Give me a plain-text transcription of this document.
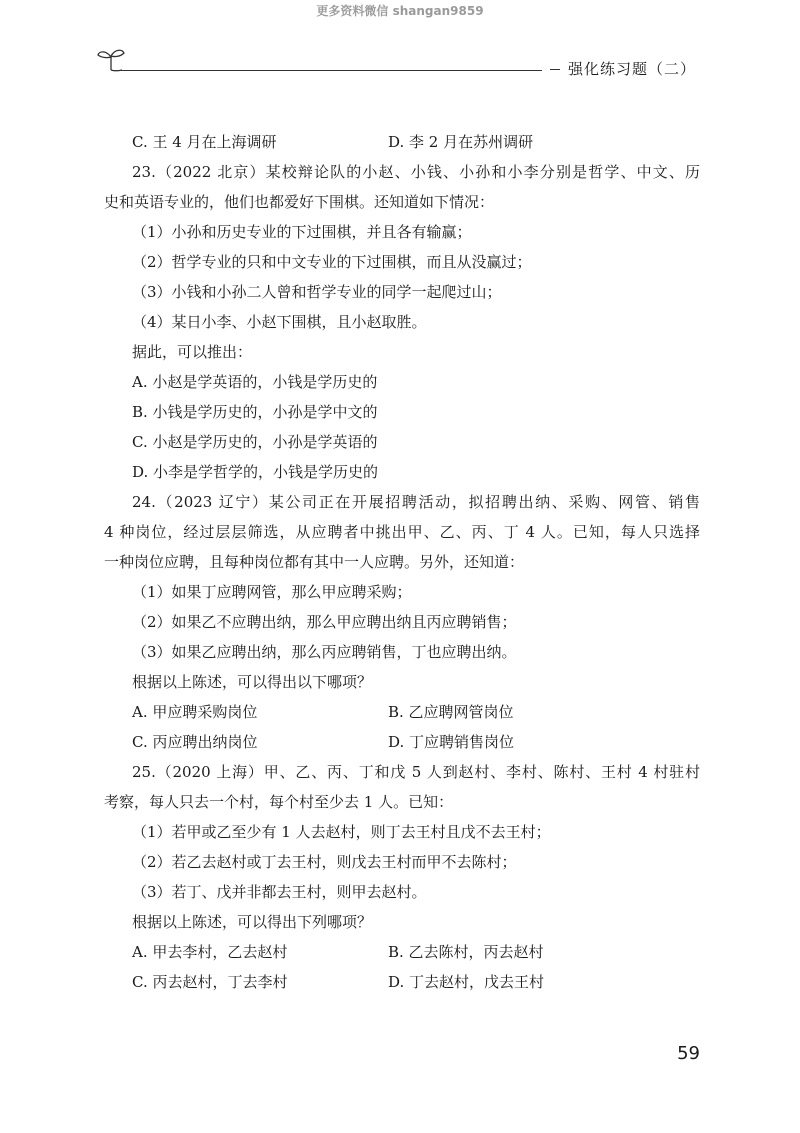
更多资料微信 shangan9859
强化练习题（二）
C. 王 4 月在上海调研	D. 李 2 月在苏州调研
23.（2022 北京）某校辩论队的小赵、小钱、小孙和小李分别是哲学、中文、历
史和英语专业的，他们也都爱好下围棋。还知道如下情况：
（1）小孙和历史专业的下过围棋，并且各有输赢；
（2）哲学专业的只和中文专业的下过围棋，而且从没赢过；
（3）小钱和小孙二人曾和哲学专业的同学一起爬过山；
（4）某日小李、小赵下围棋，且小赵取胜。
据此，可以推出：
A. 小赵是学英语的，小钱是学历史的
B. 小钱是学历史的，小孙是学中文的
C. 小赵是学历史的，小孙是学英语的
D. 小李是学哲学的，小钱是学历史的
24.（2023 辽宁）某公司正在开展招聘活动，拟招聘出纳、采购、网管、销售
4 种岗位，经过层层筛选，从应聘者中挑出甲、乙、丙、丁 4 人。已知，每人只选择
一种岗位应聘，且每种岗位都有其中一人应聘。另外，还知道：
（1）如果丁应聘网管，那么甲应聘采购；
（2）如果乙不应聘出纳，那么甲应聘出纳且丙应聘销售；
（3）如果乙应聘出纳，那么丙应聘销售，丁也应聘出纳。
根据以上陈述，可以得出以下哪项？
A. 甲应聘采购岗位	B. 乙应聘网管岗位
C. 丙应聘出纳岗位	D. 丁应聘销售岗位
25.（2020 上海）甲、乙、丙、丁和戊 5 人到赵村、李村、陈村、王村 4 村驻村
考察，每人只去一个村，每个村至少去 1 人。已知：
（1）若甲或乙至少有 1 人去赵村，则丁去王村且戊不去王村；
（2）若乙去赵村或丁去王村，则戊去王村而甲不去陈村；
（3）若丁、戊并非都去王村，则甲去赵村。
根据以上陈述，可以得出下列哪项？
A. 甲去李村，乙去赵村	B. 乙去陈村，丙去赵村
C. 丙去赵村，丁去李村	D. 丁去赵村，戊去王村
59
